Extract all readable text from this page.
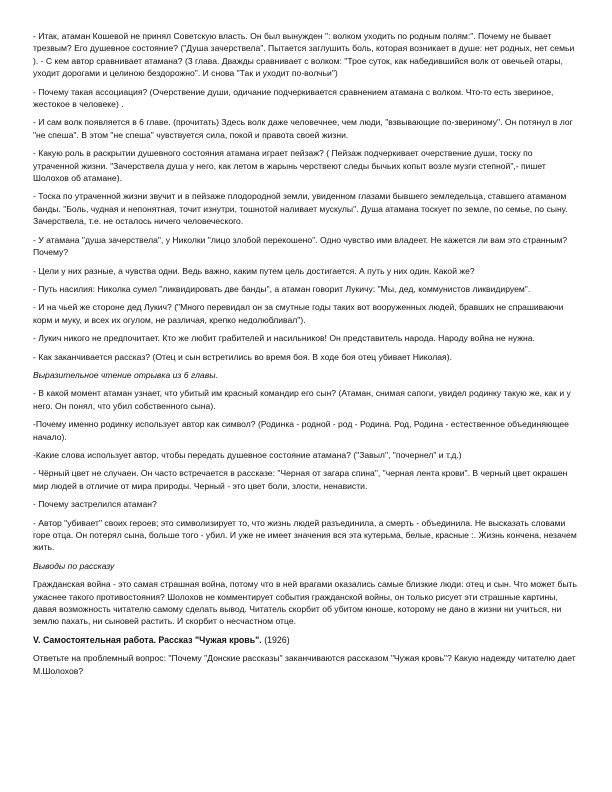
- Итак, атаман Кошевой не принял Советскую власть. Он был вынужден ": волком уходить по родным полям:". Почему не бывает трезвым? Его душевное состояние? ("Душа зачерствела". Пытается заглушить боль, которая возникает в душе: нет родных, нет семьи ). - С кем автор сравнивает атамана? (3 глава. Дважды сравнивает с волком: "Трое суток, как набедившийся волк от овечьей отары, уходит дорогами и целиною бездорожно". И снова "Так и уходит по-волчьи")

- Почему такая ассоциация? (Очерствение души, одичание подчеркивается сравнением атамана с волком. Что-то есть звериное, жестокое в человеке) .

- И сам волк появляется в 6 главе. (прочитать) Здесь волк даже человечнее, чем люди, "взвывающие по-звериному". Он потянул в лог "не спеша". В этом "не спеша" чувствуется сила, покой и правота своей жизни.

- Какую роль в раскрытии душевного состояния атамана играет пейзаж? ( Пейзаж подчеркивает очерствение души, тоску по утраченной жизни. "Зачерствела душа у него, как летом в жарынь черствеют следы бычьих копыт возле музги степной",- пишет Шолохов об атамане).

- Тоска по утраченной жизни звучит и в пейзаже плодородной земли, увиденном глазами бывшего земледельца, ставшего атаманом банды. "Боль, чудная и непонятная, точит изнутри, тошнотой наливает мускулы". Душа атамана тоскует по земле, по семье, по сыну. Зачерствела, т.е. не осталось ничего человеческого.

- У атамана "душа зачерствела", у Николки "лицо злобой перекошено". Одно чувство ими владеет. Не кажется ли вам это странным? Почему?

- Цели у них разные, а чувства одни. Ведь важно, каким путем цель достигается. А путь у них один. Какой же?

- Путь насилия: Николка сумел "ликвидировать две банды", а атаман говорит Лукичу: "Мы, дед, коммунистов ликвидируем".

- И на чьей же стороне дед Лукич? ("Много перевидал он за смутные годы таких вот вооруженных людей, бравших не спрашиваючи корм и муку, и всех их огулом, не различая, крепко недолюбливал").

- Лукич никого не предпочитает. Кто же любит грабителей и насильников! Он представитель народа. Народу война не нужна.

- Как заканчивается рассказ? (Отец и сын встретились во время боя. В ходе боя отец убивает Николая).

Выразительное чтение отрывка из 6 главы.

- В какой момент атаман узнает, что убитый им красный командир его сын? (Атаман, снимая сапоги, увидел родинку такую же, как и у него. Он понял, что убил собственного сына).

-Почему именно родинку использует автор как символ? (Родинка - родной - род - Родина. Род, Родина - естественное объединяющее начало).

-Какие слова использует автор, чтобы передать душевное состояние атамана? ("Завыл", "почернел" и т.д.)

- Чёрный цвет не случаен. Он часто встречается в рассказе: "Черная от загара спина", "черная лента крови". В черный цвет окрашен мир людей в отличие от мира природы. Черный - это цвет боли, злости, ненависти.

- Почему застрелился атаман?

- Автор "убивает" своих героев; это символизирует то, что жизнь людей разъединила, а смерть - объединила. Не высказать словами горе отца. Он потерял сына, больше того - убил. И уже не имеет значения вся эта кутерьма, белые, красные :. Жизнь кончена, незачем жить.

Выводы по рассказу

Гражданская война - это самая страшная война, потому что в ней врагами оказались самые близкие люди: отец и сын. Что может быть ужаснее такого противостояния? Шолохов не комментирует события гражданской войны, он только рисует эти страшные картины, давая возможность читателю самому сделать вывод. Читатель скорбит об убитом юноше, которому не дано в жизни ни учиться, ни землю пахать, ни сыновей растить. И скорбит о несчастном отце.

V. Самостоятельная работа. Рассказ "Чужая кровь". (1926)

Ответьте на проблемный вопрос: "Почему "Донские рассказы" заканчиваются рассказом "Чужая кровь"? Какую надежду читателю дает М.Шолохов?
